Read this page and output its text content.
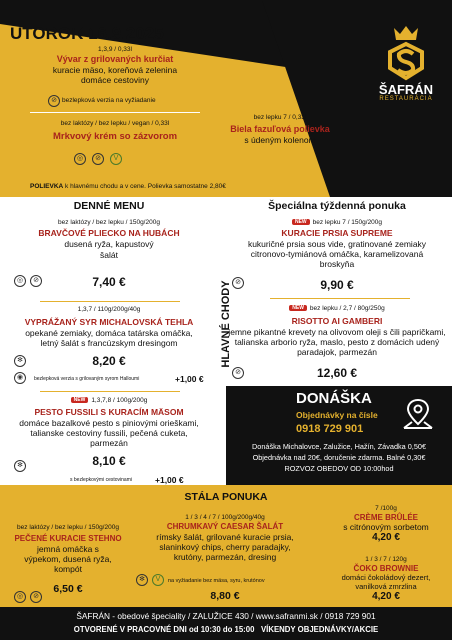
UTOROK 16.9.2025
ŠAFRÁN
RESTAURÁCIA
1,3,9 / 0,33l
Vývar z grilovaných kurčiat
kuracie mäso, koreňová zelenina domáce cestoviny
⊘ bezlepková verzia na vyžiadanie
bez laktózy / bez lepku / vegan / 0,33l
Mrkvový krém so zázvorom
◎	⊘	V
bez lepku 7 / 0,33l
Biela fazuľová polievka
s údeným kolenom
POLIEVKA k hlavnému chodu a v cene. Polievka samostatne 2,80€
DENNÉ MENU
bez laktózy / bez lepku / 150g/200g
BRAVČOVÉ PLIECKO NA HUBÁCH
dusená ryža, kapustový šalát
7,40 €
◎	⊘
1,3,7 / 110g/200g/40g
VYPRÁŽANÝ SYR MICHALOVSKÁ TEHLA
opekané zemiaky, domáca tatárska omáčka, letný šalát s francúzskym dresingom
8,20 €
✻
◉	bezlepková verzia s grilovaným syrom Halloumi	+1,00 €
NEW 1,3,7,8 / 100g/200g
PESTO FUSSILI S KURACÍM MÄSOM
domáce bazalkové pesto s piniovými orieškami, talianske cestoviny fussili, pečená cuketa, parmezán
8,10 €
✻
s bezlepkovými cestovinami	+1,00 €
HLAVNÉ CHODY
Špeciálna týždenná ponuka
NEW bez lepku 7 / 150g/200g
KURACIE PRSIA SUPREME
kukuričné prsia sous vide, gratinované zemiaky citronovo-tymiánová omáčka, karamelizovaná broskyňa
9,90 €
⊘
NEW bez lepku / 2,7 / 80g/250g
RISOTTO AI GAMBERI
jemne pikantné krevety na olivovom oleji s čili papričkami, talianska arborio ryža, maslo, pesto z domácich udený paradajok, parmezán
12,60 €
⊘
DONÁŠKA
Objednávky na čísle
0918 729 901
Donáška Michalovce, Zalužice, Hažín, Závadka 0,50€
Objednávka nad 20€, doručenie zdarma. Balné 0,30€
ROZVOZ OBEDOV OD 10:00hod
STÁLA PONUKA
bez laktózy / bez lepku / 150g/200g
PEČENÉ KURACIE STEHNO
jemná omáčka s výpekom, dusená ryža, kompót
6,50 €
◎	⊘
1 / 3 / 4 / 7 / 100g/200g/40g
CHRUMKAVÝ CAESAR ŠALÁT
rímsky šalát, grilované kuracie prsia, slaninkový chips, cherry paradajky, krutóny, parmezán, dresing
✻	V	na vyžiadanie bez mäsa, syru, krutónov
8,80 €
7 /100g
CRÈME BRÛLÉE
s citrónovým sorbetom
4,20 €
1 / 3 / 7 / 120g
ČOKO BROWNIE
domáci čokoládový dezert, vanilková zmrzlina
4,20 €
ŠAFRÁN - obedové špeciality / ZALUŽICE 430 / www.safranmi.sk / 0918 729 901
OTVORENÉ V PRACOVNÉ DNI od 10:30 do 15:00   VÍKENDY OBJEDNÁVKY/AKCIE
